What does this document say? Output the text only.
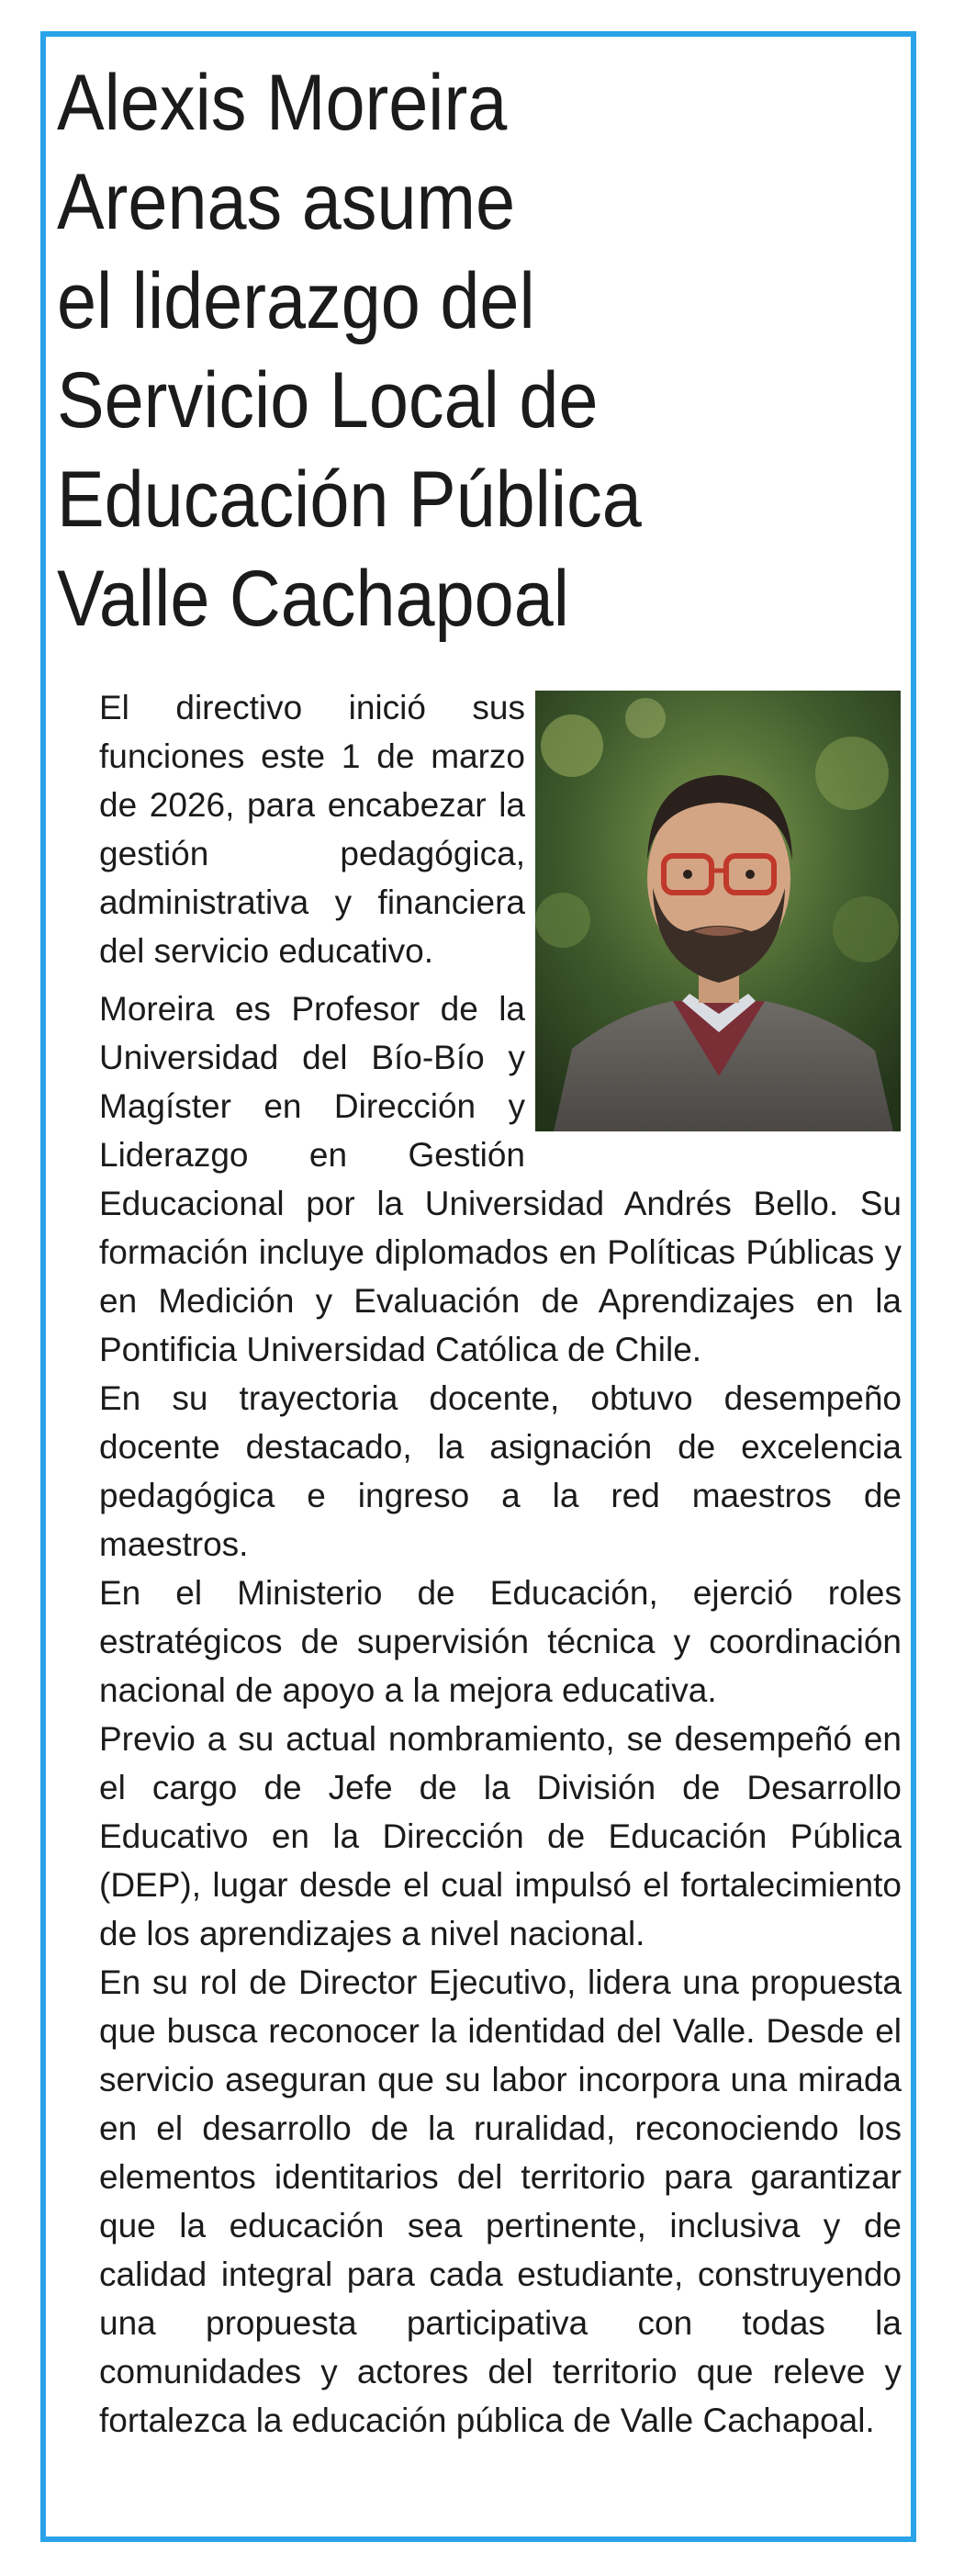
Alexis Moreira
Arenas asume
el liderazgo del
Servicio Local de
Educación Pública
Valle Cachapoal

El directivo inició sus funciones este 1 de marzo de 2026, para encabezar la gestión pedagógica, administrativa y financiera del servicio educativo.

Moreira es Profesor de la Universidad del Bío-Bío y Magíster en Dirección y Liderazgo en Gestión Educacional por la Universidad Andrés Bello. Su formación incluye diplomados en Políticas Públicas y en Medición y Evaluación de Aprendizajes en la Pontificia Universidad Católica de Chile.

En su trayectoria docente, obtuvo desempeño docente destacado, la asignación de excelencia pedagógica e ingreso a la red maestros de maestros.

En el Ministerio de Educación, ejerció roles estratégicos de supervisión técnica y coordinación nacional de apoyo a la mejora educativa.

Previo a su actual nombramiento, se desempeñó en el cargo de Jefe de la División de Desarrollo Educativo en la Dirección de Educación Pública (DEP), lugar desde el cual impulsó el fortalecimiento de los aprendizajes a nivel nacional.

En su rol de Director Ejecutivo, lidera una propuesta que busca reconocer la identidad del Valle. Desde el servicio aseguran que su labor incorpora una mirada en el desarrollo de la ruralidad, reconociendo los elementos identitarios del territorio para garantizar que la educación sea pertinente, inclusiva y de calidad integral para cada estudiante, construyendo una propuesta participativa con todas la comunidades y actores del territorio que releve y fortalezca la educación pública de Valle Cachapoal.
